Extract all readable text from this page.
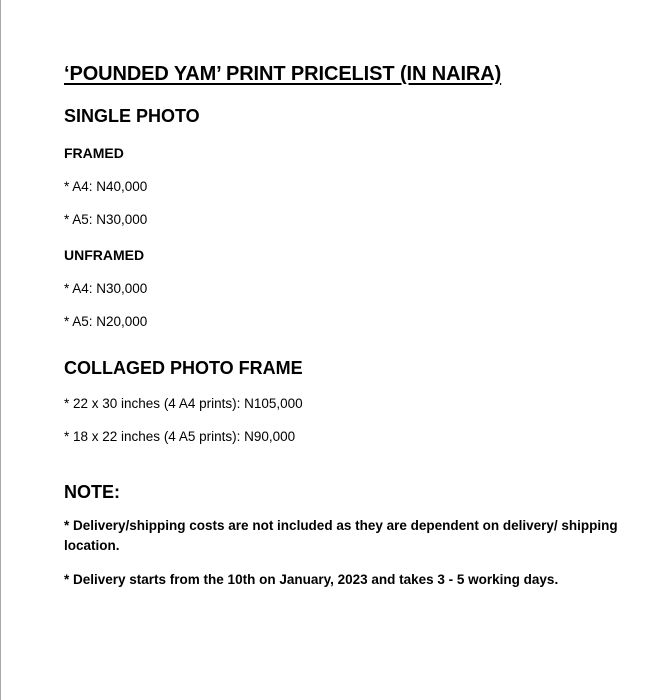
‘POUNDED YAM’ PRINT PRICELIST (IN NAIRA)
SINGLE PHOTO
FRAMED

* A4: N40,000

* A5: N30,000

UNFRAMED

* A4: N30,000

* A5: N20,000

COLLAGED PHOTO FRAME

* 22 x 30 inches (4 A4 prints): N105,000

* 18 x 22 inches (4 A5 prints): N90,000

NOTE:

* Delivery/shipping costs are not included as they are dependent on delivery/ shipping location.

* Delivery starts from the 10th on January, 2023 and takes 3 - 5 working days.
